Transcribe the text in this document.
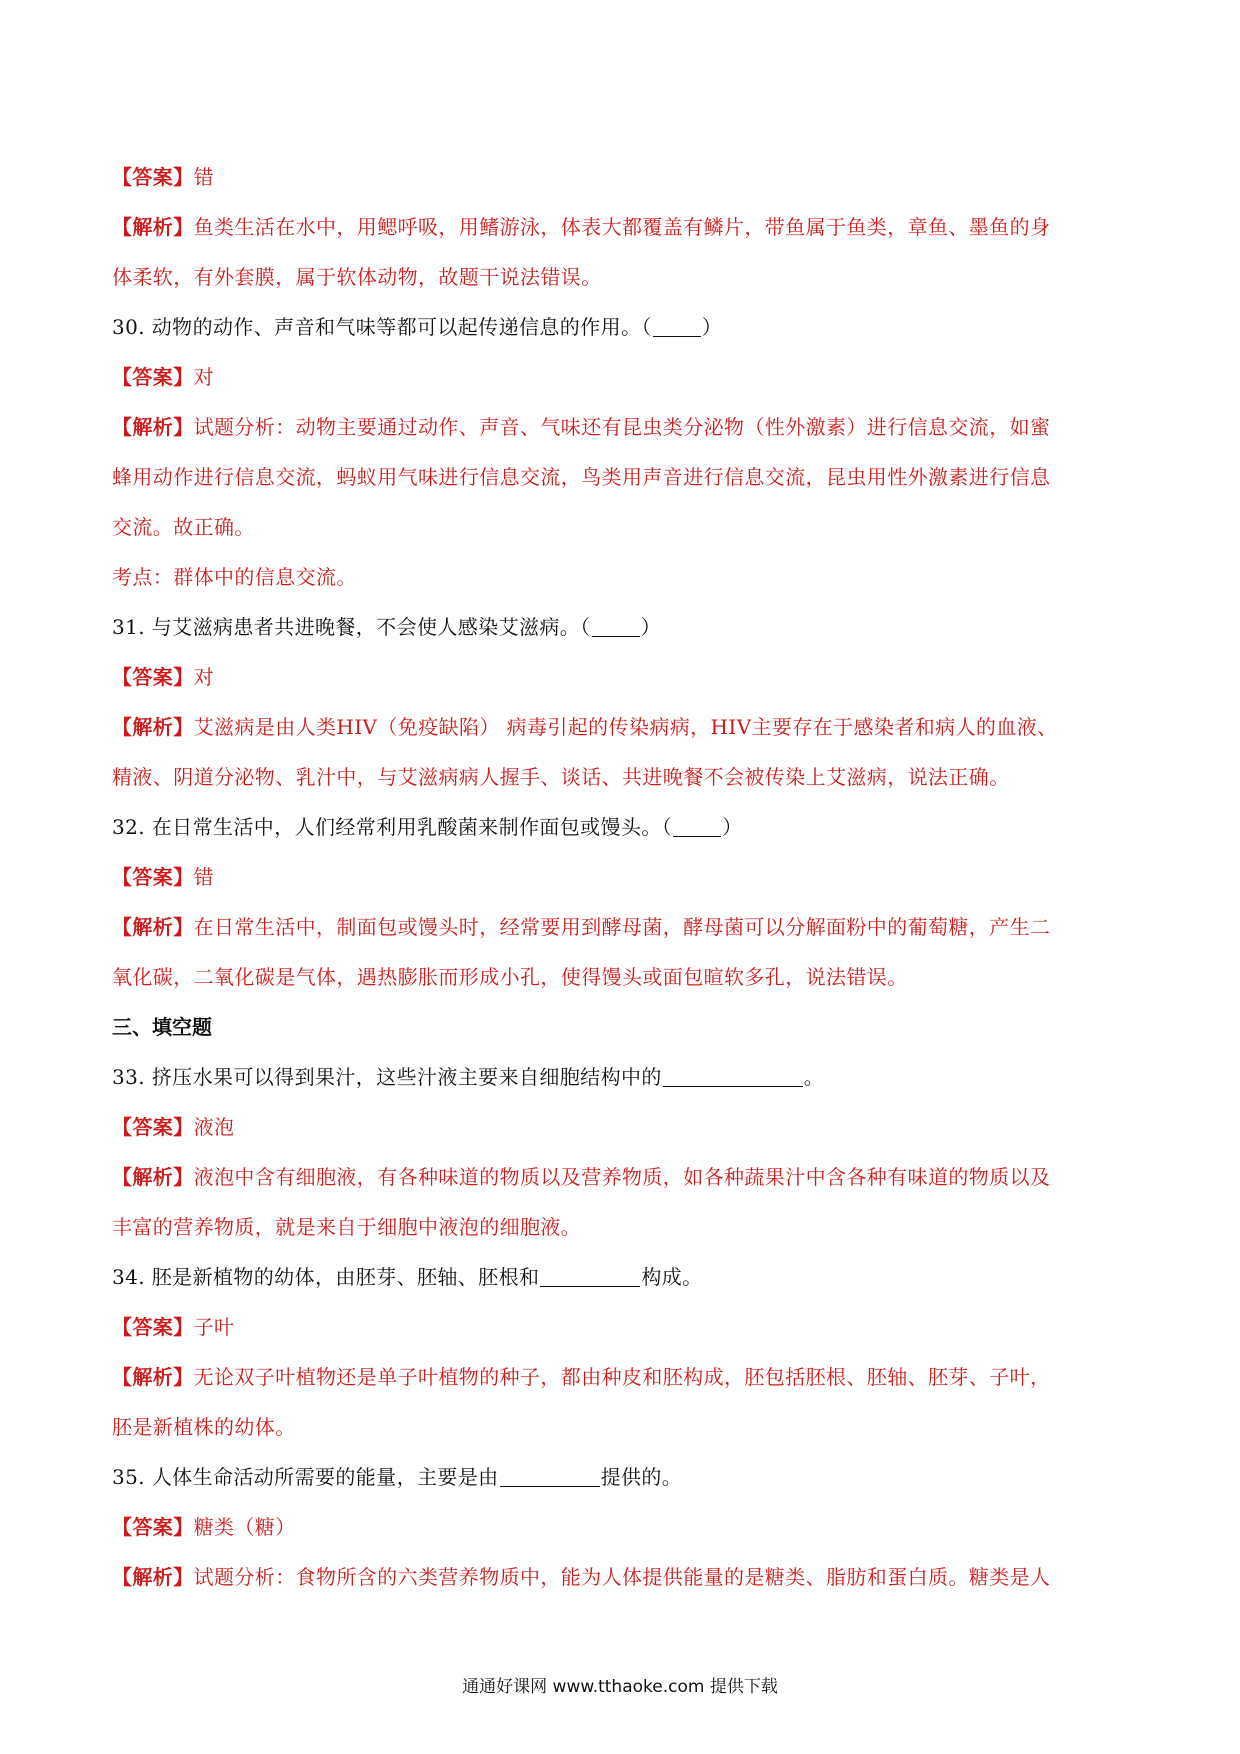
【答案】错
【解析】鱼类生活在水中，用鳃呼吸，用鳍游泳，体表大都覆盖有鳞片，带鱼属于鱼类，章鱼、墨鱼的身
体柔软，有外套膜，属于软体动物，故题干说法错误。
30. 动物的动作、声音和气味等都可以起传递信息的作用。（	）
【答案】对
【解析】试题分析：动物主要通过动作、声音、气味还有昆虫类分泌物（性外激素）进行信息交流，如蜜
蜂用动作进行信息交流，蚂蚁用气味进行信息交流，鸟类用声音进行信息交流，昆虫用性外激素进行信息
交流。故正确。
考点：群体中的信息交流。
31. 与艾滋病患者共进晚餐，不会使人感染艾滋病。（	）
【答案】对
【解析】艾滋病是由人类HIV（免疫缺陷） 病毒引起的传染病病，HIV主要存在于感染者和病人的血液、
精液、阴道分泌物、乳汁中，与艾滋病病人握手、谈话、共进晚餐不会被传染上艾滋病，说法正确。
32. 在日常生活中，人们经常利用乳酸菌来制作面包或馒头。（	）
【答案】错
【解析】在日常生活中，制面包或馒头时，经常要用到酵母菌，酵母菌可以分解面粉中的葡萄糖，产生二
氧化碳，二氧化碳是气体，遇热膨胀而形成小孔，使得馒头或面包暄软多孔，说法错误。
三、填空题
33. 挤压水果可以得到果汁，这些汁液主要来自细胞结构中的	。
【答案】液泡
【解析】液泡中含有细胞液，有各种味道的物质以及营养物质，如各种蔬果汁中含各种有味道的物质以及
丰富的营养物质，就是来自于细胞中液泡的细胞液。
34. 胚是新植物的幼体，由胚芽、胚轴、胚根和	构成。
【答案】子叶
【解析】无论双子叶植物还是单子叶植物的种子，都由种皮和胚构成，胚包括胚根、胚轴、胚芽、子叶，
胚是新植株的幼体。
35. 人体生命活动所需要的能量，主要是由	提供的。
【答案】糖类（糖）
【解析】试题分析：食物所含的六类营养物质中，能为人体提供能量的是糖类、脂肪和蛋白质。糖类是人
通通好课网 www.tthaoke.com 提供下载
